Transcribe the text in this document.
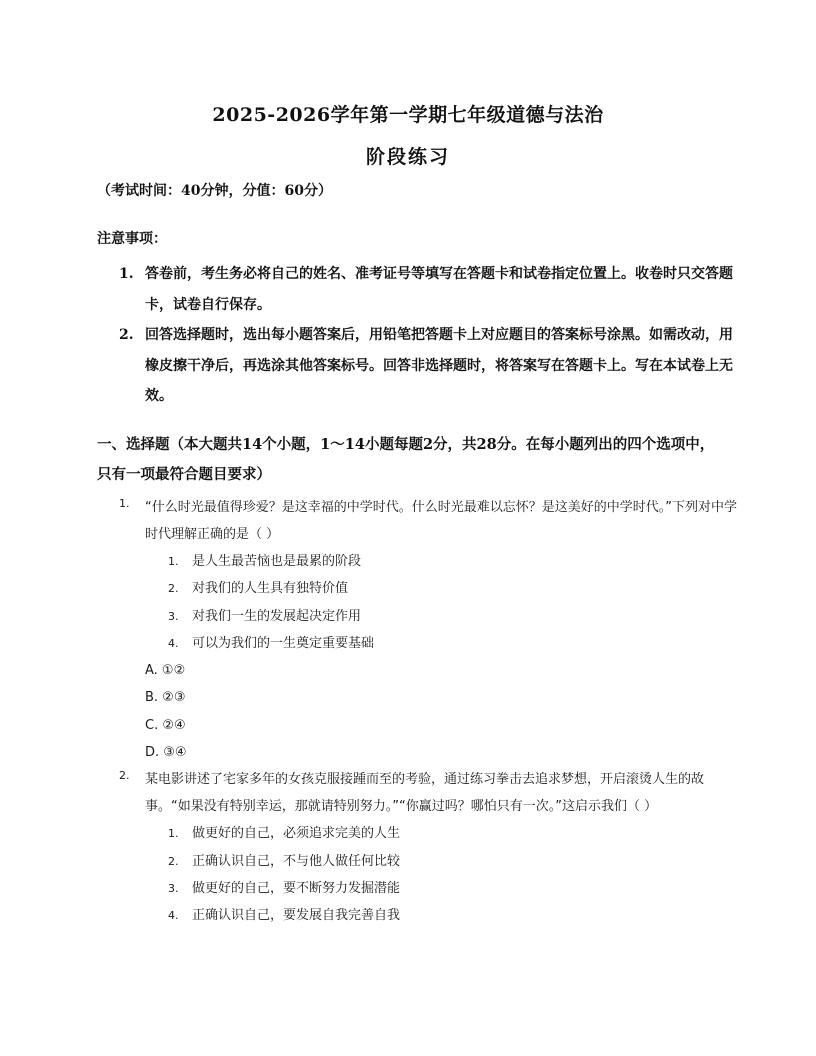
2025-2026学年第一学期七年级道德与法治
阶段练习
（考试时间：40分钟，分值：60分）
注意事项：
1. 答卷前，考生务必将自己的姓名、准考证号等填写在答题卡和试卷指定位置上。收卷时只交答题卡，试卷自行保存。
2. 回答选择题时，选出每小题答案后，用铅笔把答题卡上对应题目的答案标号涂黑。如需改动，用橡皮擦干净后，再选涂其他答案标号。回答非选择题时，将答案写在答题卡上。写在本试卷上无效。
一、选择题（本大题共14个小题，1～14小题每题2分，共28分。在每小题列出的四个选项中，只有一项最符合题目要求）
1.	“什么时光最值得珍爱？是这幸福的中学时代。什么时光最难以忘怀？是这美好的中学时代。”下列对中学时代理解正确的是（ ）
1. 是人生最苦恼也是最累的阶段
2. 对我们的人生具有独特价值
3. 对我们一生的发展起决定作用
4. 可以为我们的一生奠定重要基础
A. ①②
B. ②③
C. ②④
D. ③④
2.	某电影讲述了宅家多年的女孩克服接踵而至的考验，通过练习拳击去追求梦想，开启滚烫人生的故事。“如果没有特别幸运，那就请特别努力。”“你赢过吗？哪怕只有一次。”这启示我们（ ）
1. 做更好的自己，必须追求完美的人生
2. 正确认识自己，不与他人做任何比较
3. 做更好的自己，要不断努力发掘潜能
4. 正确认识自己，要发展自我完善自我
